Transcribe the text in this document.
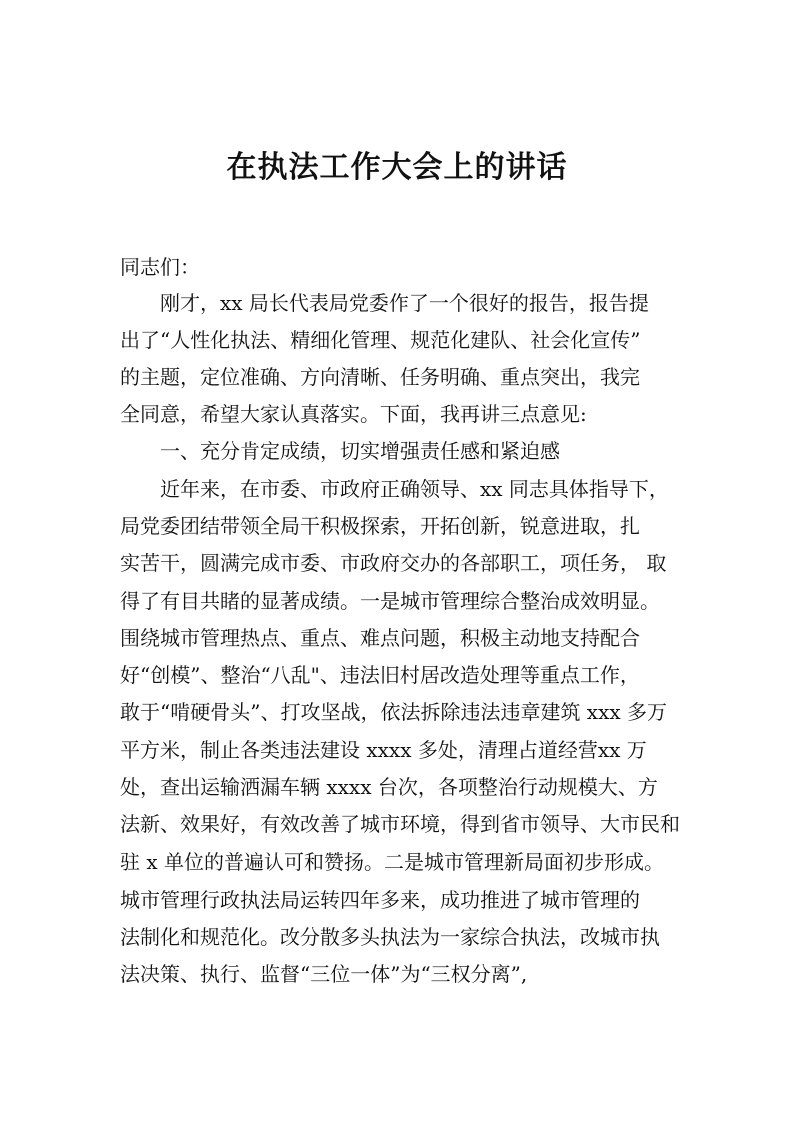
在执法工作大会上的讲话
同志们：
刚才，xx 局长代表局党委作了一个很好的报告，报告提
出了“人性化执法、精细化管理、规范化建队、社会化宣传”
的主题，定位准确、方向清晰、任务明确、重点突出，我完
全同意，希望大家认真落实。下面，我再讲三点意见:
一、充分肯定成绩，切实增强责任感和紧迫感
近年来，在市委、市政府正确领导、xx 同志具体指导下，
局党委团结带领全局干积极探索，开拓创新，锐意进取，扎
实苦干，圆满完成市委、市政府交办的各部职工，项任务， 取
得了有目共睹的显著成绩。一是城市管理综合整治成效明显。
围绕城市管理热点、重点、难点问题，积极主动地支持配合
好“创模”、整治“八乱"、违法旧村居改造处理等重点工作，
敢于“啃硬骨头”、打攻坚战，依法拆除违法违章建筑 xxx 多万
平方米，制止各类违法建设 xxxx 多处，清理占道经营xx 万
处，查出运输洒漏车辆 xxxx 台次，各项整治行动规模大、方
法新、效果好，有效改善了城市环境，得到省市领导、大市民和
驻 x 单位的普遍认可和赞扬。二是城市管理新局面初步形成。
城市管理行政执法局运转四年多来，成功推进了城市管理的
法制化和规范化。改分散多头执法为一家综合执法，改城市执
法决策、执行、监督“三位一体”为“三权分离”,
